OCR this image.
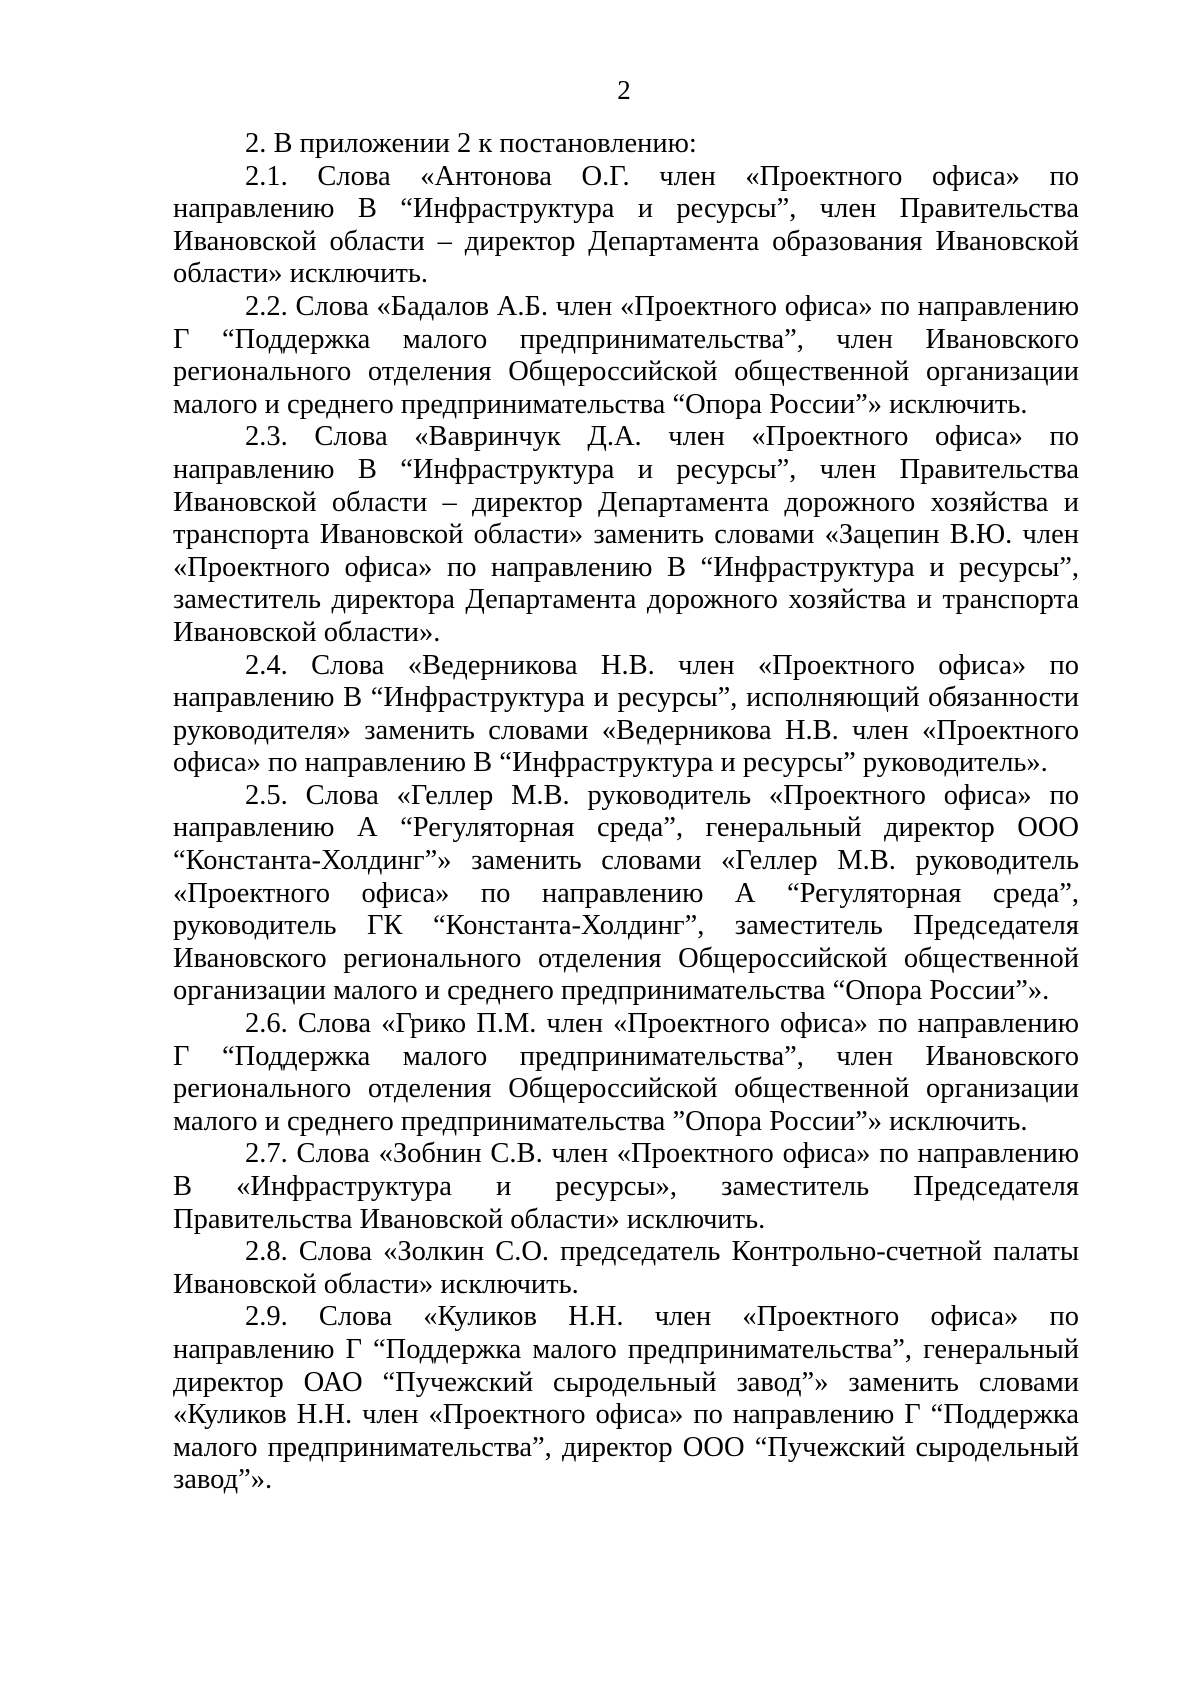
2

2. В приложении 2 к постановлению:

2.1. Слова «Антонова О.Г. член «Проектного офиса» по направлению В “Инфраструктура и ресурсы”, член Правительства Ивановской области – директор Департамента образования Ивановской области» исключить.

2.2. Слова «Бадалов А.Б. член «Проектного офиса» по направлению Г “Поддержка малого предпринимательства”, член Ивановского регионального отделения Общероссийской общественной организации малого и среднего предпринимательства “Опора России”» исключить.

2.3. Слова «Вавринчук Д.А. член «Проектного офиса» по направлению В “Инфраструктура и ресурсы”, член Правительства Ивановской области – директор Департамента дорожного хозяйства и транспорта Ивановской области» заменить словами «Зацепин В.Ю. член «Проектного офиса» по направлению В “Инфраструктура и ресурсы”, заместитель директора Департамента дорожного хозяйства и транспорта Ивановской области».

2.4. Слова «Ведерникова Н.В. член «Проектного офиса» по направлению В “Инфраструктура и ресурсы”, исполняющий обязанности руководителя» заменить словами «Ведерникова Н.В. член «Проектного офиса» по направлению В “Инфраструктура и ресурсы” руководитель».

2.5. Слова «Геллер М.В. руководитель «Проектного офиса» по направлению А “Регуляторная среда”, генеральный директор ООО “Константа-Холдинг”» заменить словами «Геллер М.В. руководитель «Проектного офиса» по направлению А “Регуляторная среда”, руководитель ГК “Константа-Холдинг”, заместитель Председателя Ивановского регионального отделения Общероссийской общественной организации малого и среднего предпринимательства “Опора России”».

2.6. Слова «Грико П.М. член «Проектного офиса» по направлению Г “Поддержка малого предпринимательства”, член Ивановского регионального отделения Общероссийской общественной организации малого и среднего предпринимательства ”Опора России”» исключить.

2.7. Слова «Зобнин С.В. член «Проектного офиса» по направлению В «Инфраструктура и ресурсы», заместитель Председателя Правительства Ивановской области» исключить.

2.8. Слова «Золкин С.О. председатель Контрольно-счетной палаты Ивановской области» исключить.

2.9. Слова «Куликов Н.Н. член «Проектного офиса» по направлению Г “Поддержка малого предпринимательства”, генеральный директор ОАО “Пучежский сыродельный завод”» заменить словами «Куликов Н.Н. член «Проектного офиса» по направлению Г “Поддержка малого предпринимательства”, директор ООО “Пучежский сыродельный завод”».
